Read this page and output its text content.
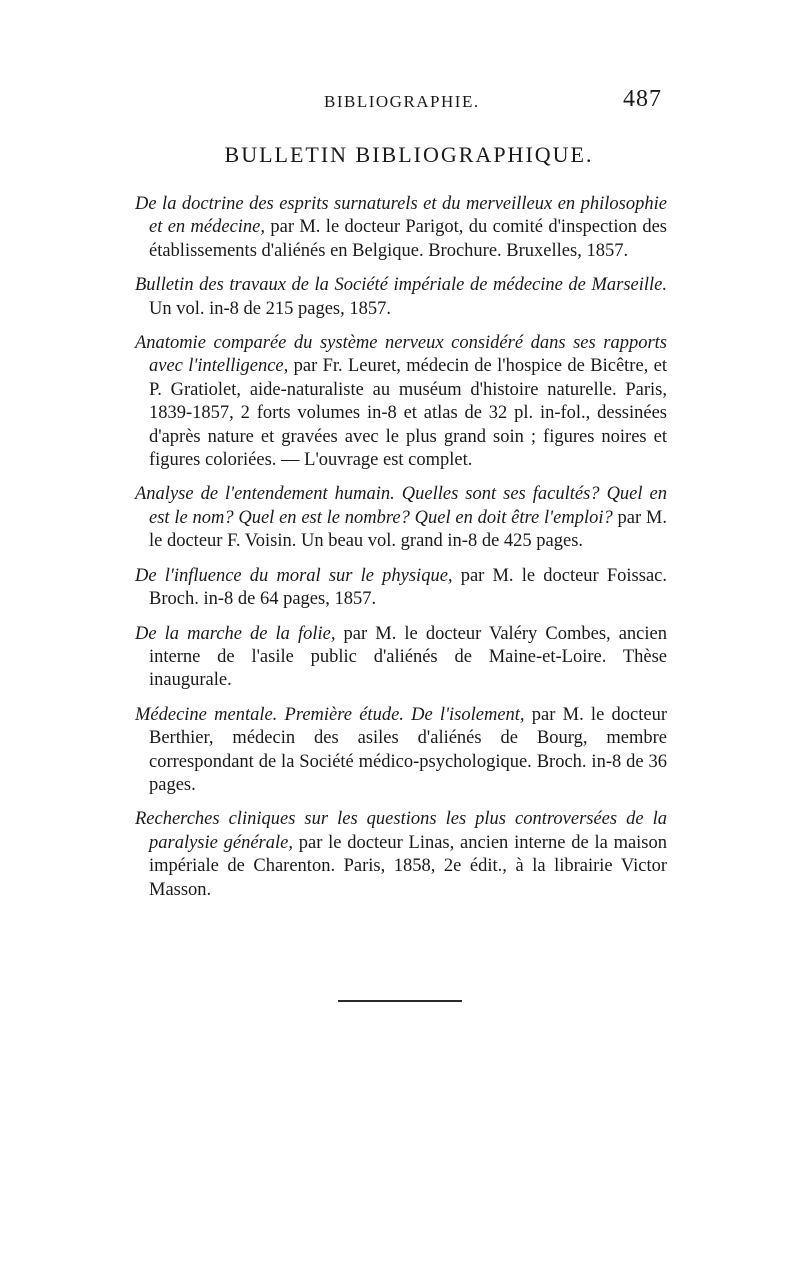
BIBLIOGRAPHIE.	487
BULLETIN BIBLIOGRAPHIQUE.

De la doctrine des esprits surnaturels et du merveilleux en philosophie et en médecine, par M. le docteur Parigot, du comité d'inspection des établissements d'aliénés en Belgique. Brochure. Bruxelles, 1857.

Bulletin des travaux de la Société impériale de médecine de Marseille. Un vol. in-8 de 215 pages, 1857.

Anatomie comparée du système nerveux considéré dans ses rapports avec l'intelligence, par Fr. Leuret, médecin de l'hospice de Bicêtre, et P. Gratiolet, aide-naturaliste au muséum d'histoire naturelle. Paris, 1839-1857, 2 forts volumes in-8 et atlas de 32 pl. in-fol., dessinées d'après nature et gravées avec le plus grand soin ; figures noires et figures coloriées. — L'ouvrage est complet.

Analyse de l'entendement humain. Quelles sont ses facultés? Quel en est le nom? Quel en est le nombre? Quel en doit être l'emploi? par M. le docteur F. Voisin. Un beau vol. grand in-8 de 425 pages.

De l'influence du moral sur le physique, par M. le docteur Foissac. Broch. in-8 de 64 pages, 1857.

De la marche de la folie, par M. le docteur Valéry Combes, ancien interne de l'asile public d'aliénés de Maine-et-Loire. Thèse inaugurale.

Médecine mentale. Première étude. De l'isolement, par M. le docteur Berthier, médecin des asiles d'aliénés de Bourg, membre correspondant de la Société médico-psychologique. Broch. in-8 de 36 pages.

Recherches cliniques sur les questions les plus controversées de la paralysie générale, par le docteur Linas, ancien interne de la maison impériale de Charenton. Paris, 1858, 2e édit., à la librairie Victor Masson.
